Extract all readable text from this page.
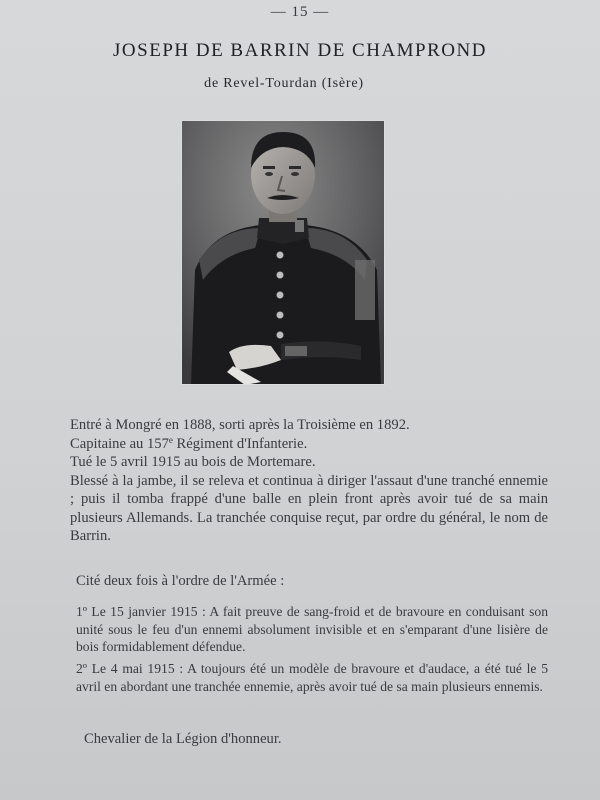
— 15 —
JOSEPH DE BARRIN DE CHAMPROND
de Revel-Tourdan (Isère)
Entré à Mongré en 1888, sorti après la Troisième en 1892.
Capitaine au 157e Régiment d'Infanterie.
Tué le 5 avril 1915 au bois de Mortemare.
Blessé à la jambe, il se releva et continua à diriger l'assaut d'une tranché ennemie ; puis il tomba frappé d'une balle en plein front après avoir tué de sa main plusieurs Allemands. La tranchée conquise reçut, par ordre du général, le nom de Barrin.
Cité deux fois à l'ordre de l'Armée :
1º Le 15 janvier 1915 : A fait preuve de sang-froid et de bravoure en conduisant son unité sous le feu d'un ennemi absolument invisible et en s'emparant d'une lisière de bois formidablement défendue.
2º Le 4 mai 1915 : A toujours été un modèle de bravoure et d'audace, a été tué le 5 avril en abordant une tranchée ennemie, après avoir tué de sa main plusieurs ennemis.
Chevalier de la Légion d'honneur.
